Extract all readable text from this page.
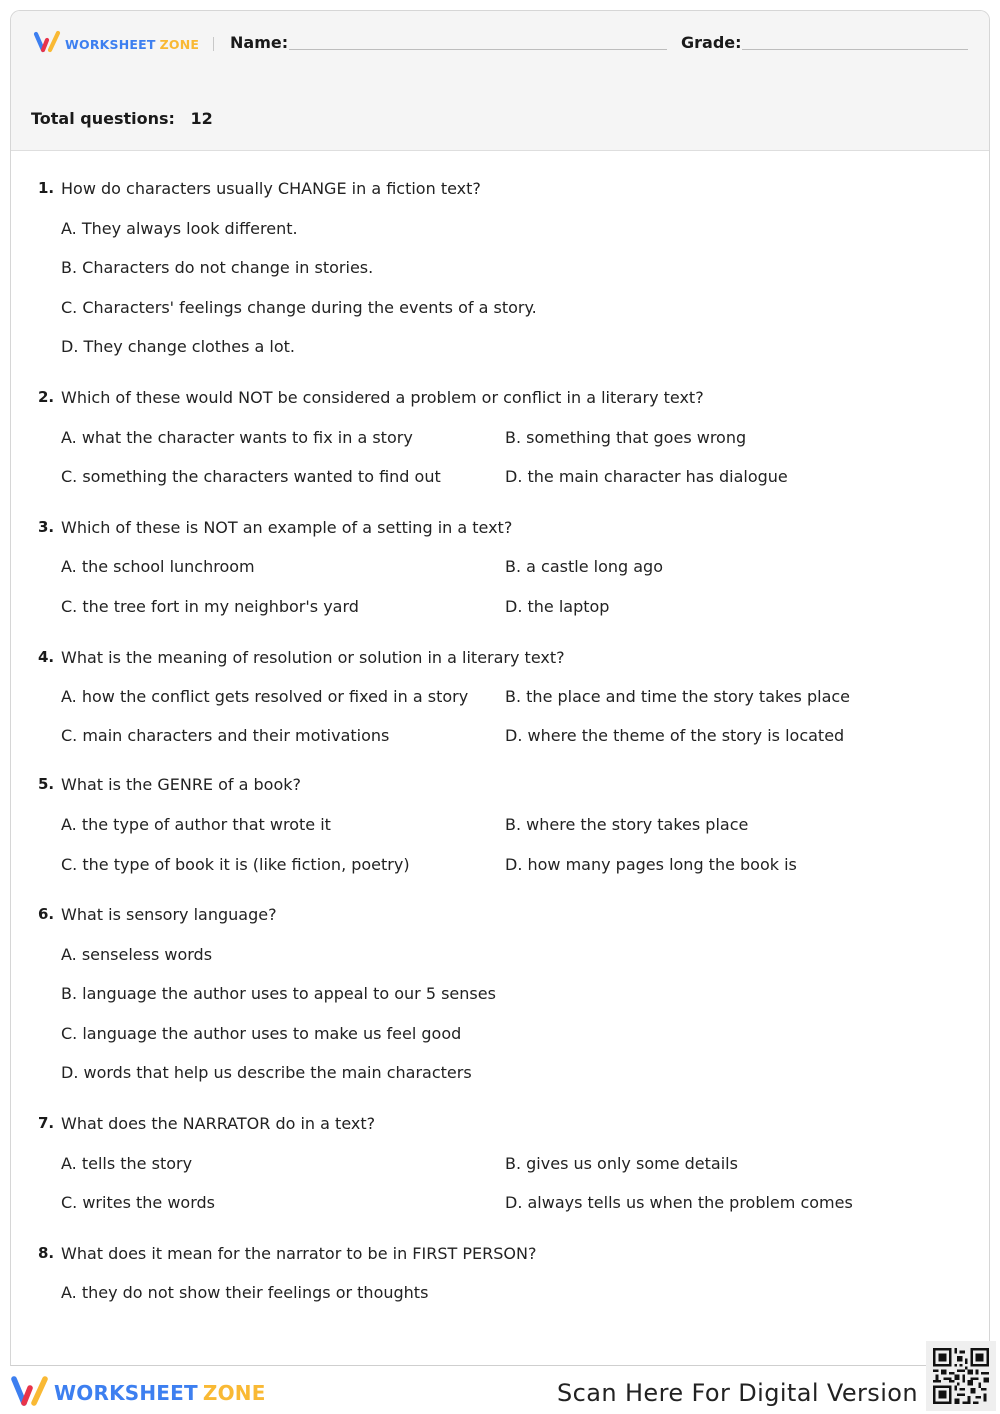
WORKSHEET ZONE Name:	Grade:
Total questions: 12
1. How do characters usually CHANGE in a fiction text?
A. They always look different.
B. Characters do not change in stories.
C. Characters' feelings change during the events of a story.
D. They change clothes a lot.
2. Which of these would NOT be considered a problem or conflict in a literary text?
A. what the character wants to fix in a story	B. something that goes wrong
C. something the characters wanted to find out	D. the main character has dialogue
3. Which of these is NOT an example of a setting in a text?
A. the school lunchroom	B. a castle long ago
C. the tree fort in my neighbor's yard	D. the laptop
4. What is the meaning of resolution or solution in a literary text?
A. how the conflict gets resolved or fixed in a story B. the place and time the story takes place
C. main characters and their motivations	D. where the theme of the story is located
5. What is the GENRE of a book?
A. the type of author that wrote it	B. where the story takes place
C. the type of book it is (like fiction, poetry)	D. how many pages long the book is
6. What is sensory language?
A. senseless words
B. language the author uses to appeal to our 5 senses
C. language the author uses to make us feel good
D. words that help us describe the main characters
7. What does the NARRATOR do in a text?
A. tells the story	B. gives us only some details
C. writes the words	D. always tells us when the problem comes
8. What does it mean for the narrator to be in FIRST PERSON?
A. they do not show their feelings or thoughts
WORKSHEET ZONE	Scan Here For Digital Version
